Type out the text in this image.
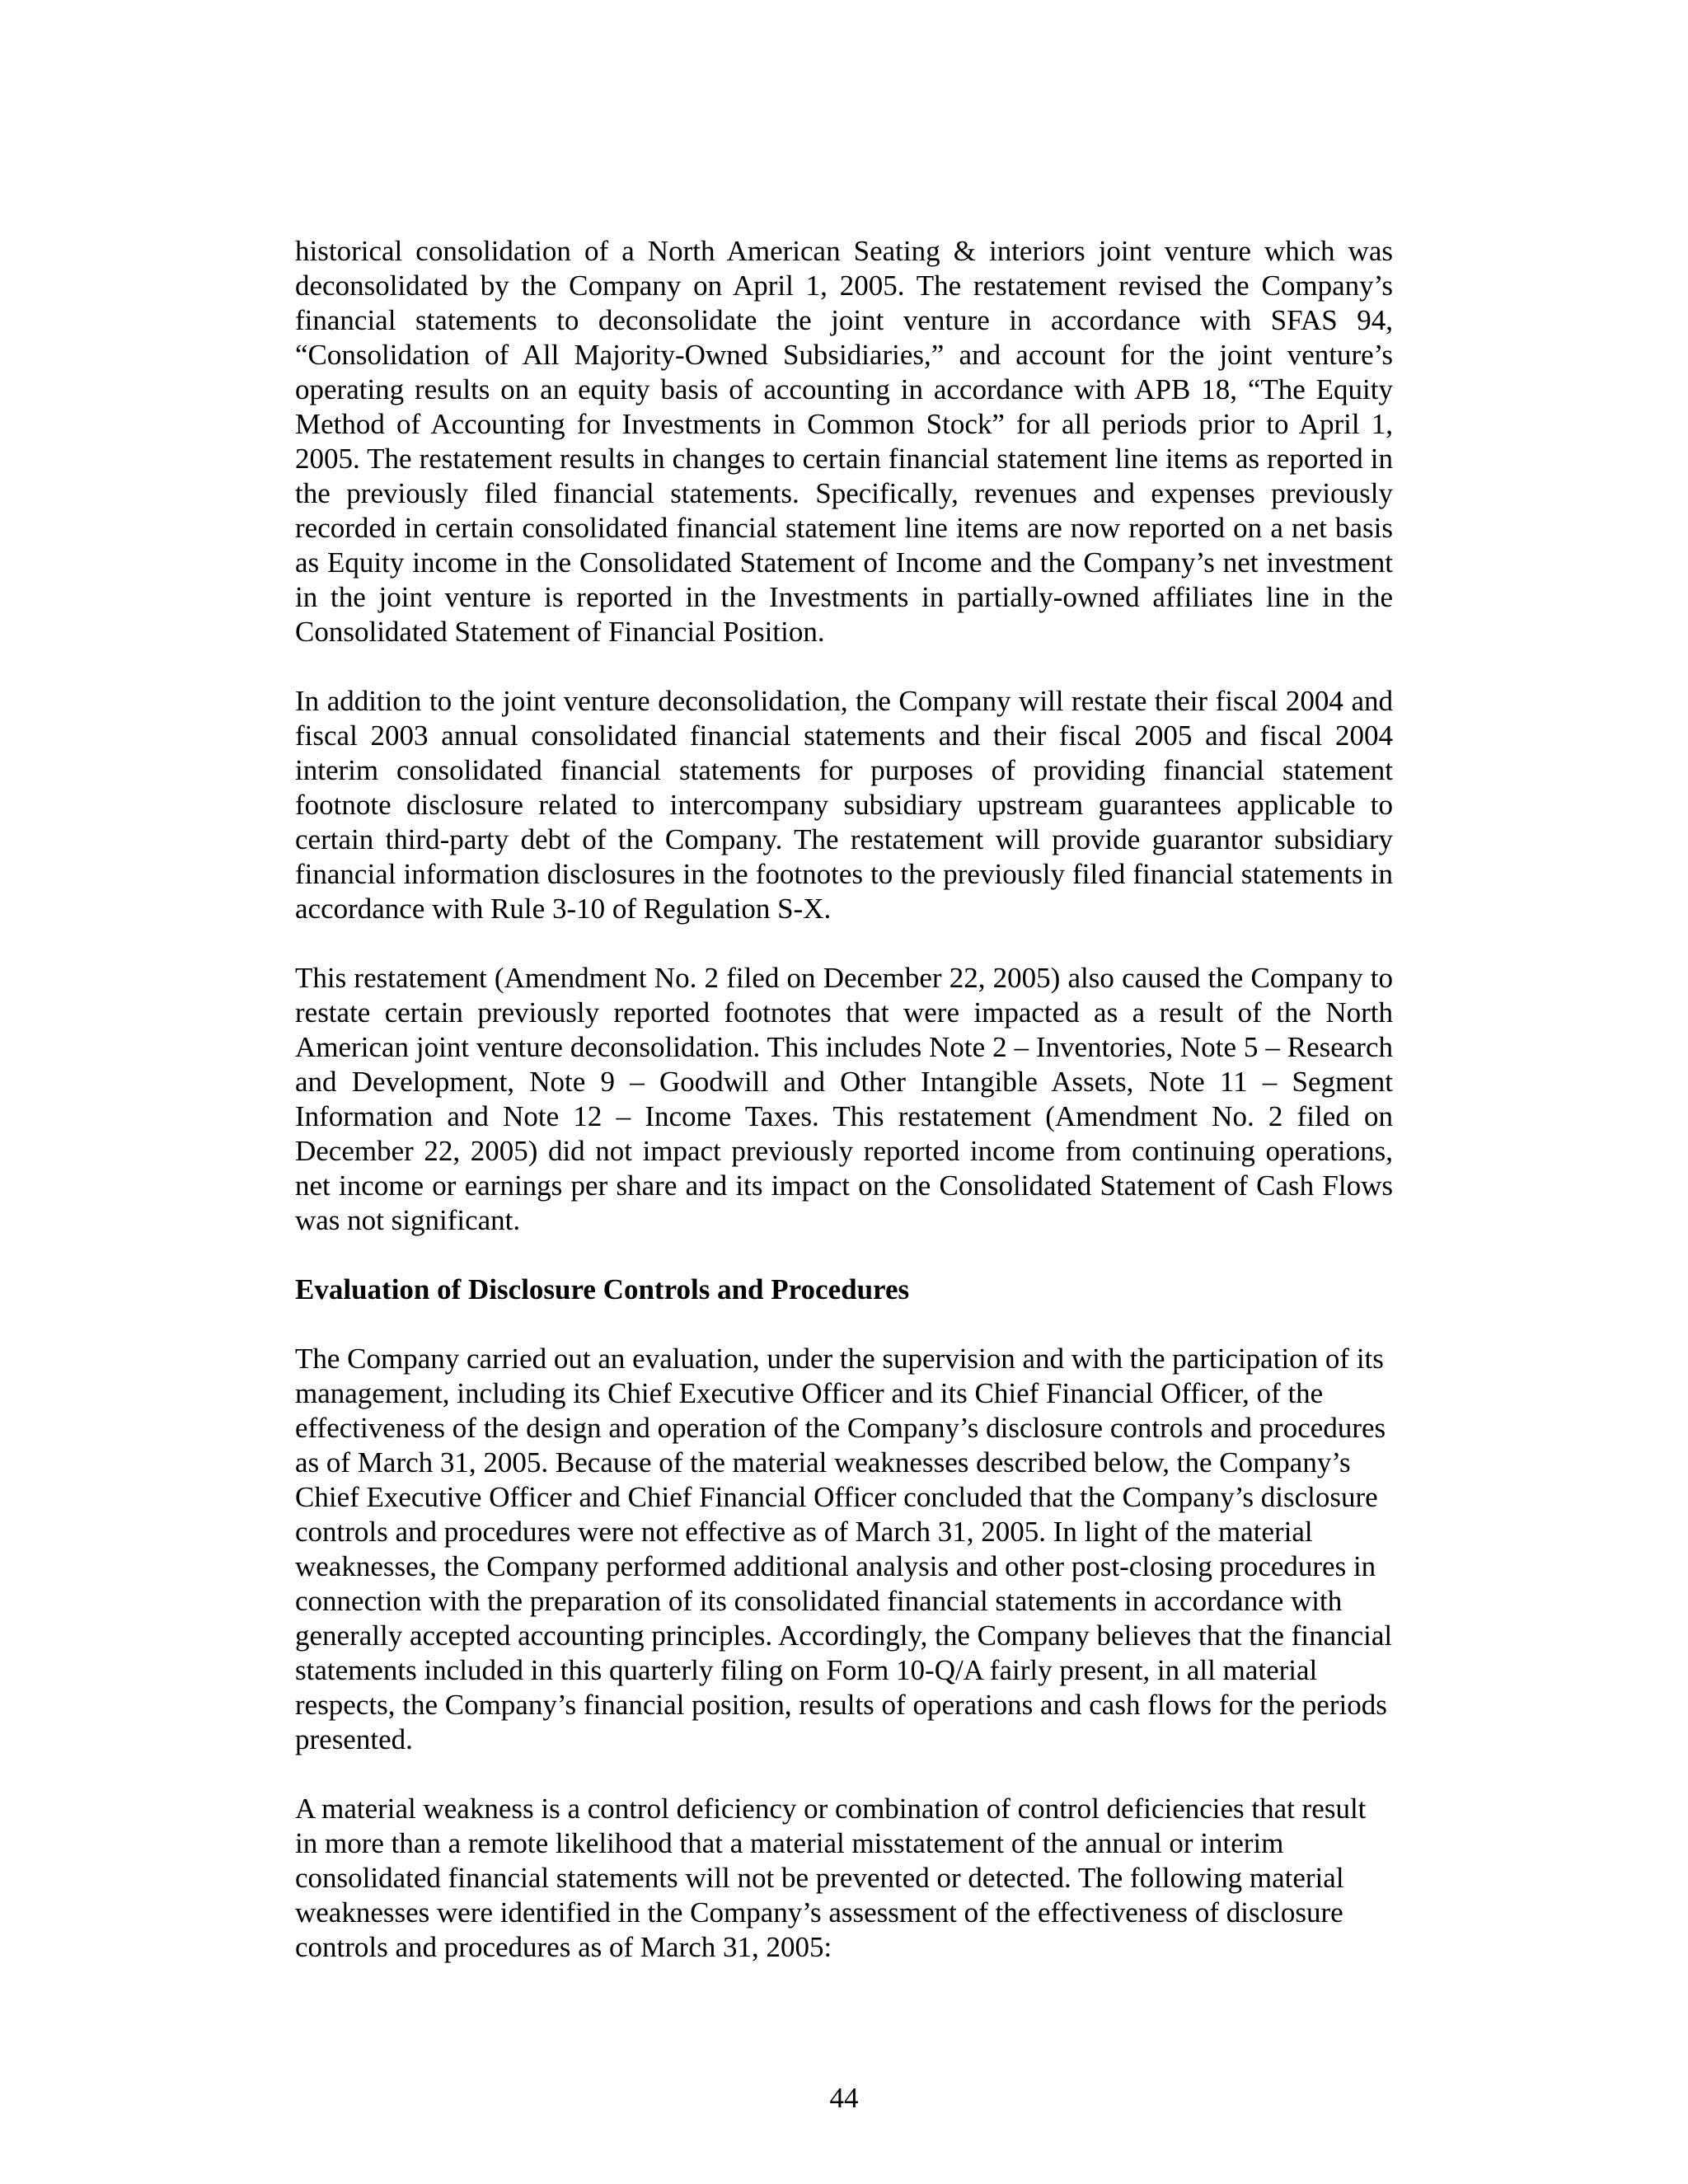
historical consolidation of a North American Seating & interiors joint venture which was deconsolidated by the Company on April 1, 2005. The restatement revised the Company’s financial statements to deconsolidate the joint venture in accordance with SFAS 94, “Consolidation of All Majority-Owned Subsidiaries,” and account for the joint venture’s operating results on an equity basis of accounting in accordance with APB 18, “The Equity Method of Accounting for Investments in Common Stock” for all periods prior to April 1, 2005. The restatement results in changes to certain financial statement line items as reported in the previously filed financial statements. Specifically, revenues and expenses previously recorded in certain consolidated financial statement line items are now reported on a net basis as Equity income in the Consolidated Statement of Income and the Company’s net investment in the joint venture is reported in the Investments in partially-owned affiliates line in the Consolidated Statement of Financial Position.

In addition to the joint venture deconsolidation, the Company will restate their fiscal 2004 and fiscal 2003 annual consolidated financial statements and their fiscal 2005 and fiscal 2004 interim consolidated financial statements for purposes of providing financial statement footnote disclosure related to intercompany subsidiary upstream guarantees applicable to certain third-party debt of the Company. The restatement will provide guarantor subsidiary financial information disclosures in the footnotes to the previously filed financial statements in accordance with Rule 3-10 of Regulation S-X.

This restatement (Amendment No. 2 filed on December 22, 2005) also caused the Company to restate certain previously reported footnotes that were impacted as a result of the North American joint venture deconsolidation. This includes Note 2 – Inventories, Note 5 – Research and Development, Note 9 – Goodwill and Other Intangible Assets, Note 11 – Segment Information and Note 12 – Income Taxes. This restatement (Amendment No. 2 filed on December 22, 2005) did not impact previously reported income from continuing operations, net income or earnings per share and its impact on the Consolidated Statement of Cash Flows was not significant.

Evaluation of Disclosure Controls and Procedures

The Company carried out an evaluation, under the supervision and with the participation of its management, including its Chief Executive Officer and its Chief Financial Officer, of the effectiveness of the design and operation of the Company’s disclosure controls and procedures as of March 31, 2005. Because of the material weaknesses described below, the Company’s Chief Executive Officer and Chief Financial Officer concluded that the Company’s disclosure controls and procedures were not effective as of March 31, 2005. In light of the material weaknesses, the Company performed additional analysis and other post-closing procedures in connection with the preparation of its consolidated financial statements in accordance with generally accepted accounting principles. Accordingly, the Company believes that the financial statements included in this quarterly filing on Form 10-Q/A fairly present, in all material respects, the Company’s financial position, results of operations and cash flows for the periods presented.

A material weakness is a control deficiency or combination of control deficiencies that result in more than a remote likelihood that a material misstatement of the annual or interim consolidated financial statements will not be prevented or detected. The following material weaknesses were identified in the Company’s assessment of the effectiveness of disclosure controls and procedures as of March 31, 2005:

44
